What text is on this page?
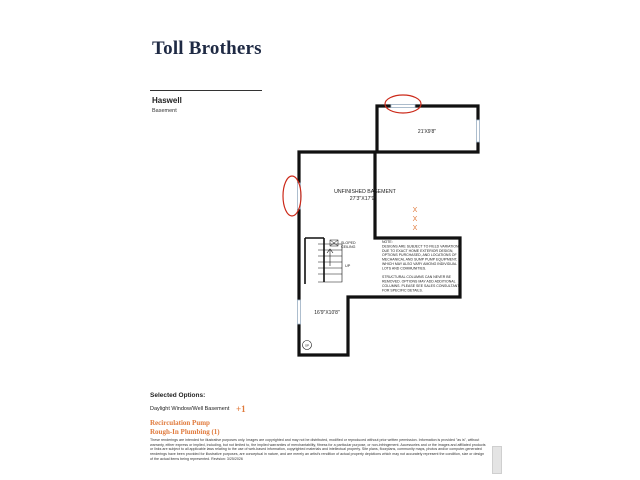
Toll Brothers
Haswell
Basement
21'X9'8"
UNFINISHED BASEMENT
27'3"X17'9"
16'9"X10'8"
SLOPED CEILING
UP
SP
X
X
X
NOTE: DESIGNS ARE SUBJECT TO FIELD VARIATIONS DUE TO EXACT HOME EXTERIOR DESIGN, OPTIONS PURCHASED, AND LOCATIONS OF MECHANICAL AND SUMP PUMP EQUIPMENT, WHICH MAY ALSO VARY AMONG INDIVIDUAL LOTS AND COMMUNITIES. STRUCTURAL COLUMNS CAN NEVER BE REMOVED. OPTIONS MAY ADD ADDITIONAL COLUMNS. PLEASE SEE SALES CONSULTANT FOR SPECIFIC DETAILS.
Selected Options:
Daylight Window/Well Basement +1
Recirculation Pump
Rough-In Plumbing (1)
These renderings are intended for illustrative purposes only. Images are copyrighted and may not be distributed, modified or reproduced without prior written permission. Information is provided "as is", without warranty, either express or implied, including, but not limited to, the implied warranties of merchantability, fitness for a particular purpose, or non-infringement. Accessories and or the images and affiliated products or links are subject to all applicable laws relating to the use of web-based information, copyrighted materials and intellectual property. Site plans, floorplans, community maps, photos and/or computer-generated renderings have been provided for illustrative purposes, are conceptual in nature, and are merely an artist's rendition of actual property depictions which may not accurately represent the condition, size or design of the actual items being represented. Revision: 3/25/2026
